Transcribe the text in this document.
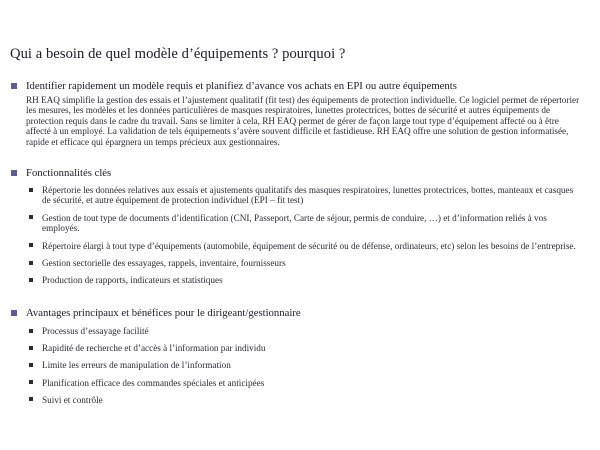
Qui a besoin de quel modèle d’équipements ? pourquoi ?
Identifier rapidement un modèle requis et planifiez d’avance vos achats en EPI ou autre équipements

RH EAQ simplifie la gestion des essais et l’ajustement qualitatif (fit test) des équipements de protection individuelle. Ce logiciel permet de répertorier les mesures, les modèles et les données particulières de masques respiratoires, lunettes protectrices, bottes de sécurité et autres équipements de protection requis dans le cadre du travail. Sans se limiter à cela, RH EAQ permet de gérer de façon large tout type d’équipement affecté ou à être affecté à un employé. La validation de tels équipements s’avère souvent difficile et fastidieuse. RH EAQ offre une solution de gestion informatisée, rapide et efficace qui épargnera un temps précieux aux gestionnaires.

Fonctionnalités clés
Répertorie les données relatives aux essais et ajustements qualitatifs des masques respiratoires, lunettes protectrices, bottes, manteaux et casques de sécurité, et autre équipement de protection individuel (EPI – fit test)
Gestion de tout type de documents d’identification (CNI, Passeport, Carte de séjour, permis de conduire, …) et d’information reliés à vos employés.
Répertoire élargi à tout type d’équipements (automobile, équipement de sécurité ou de défense, ordinateurs, etc) selon les besoins de l’entreprise.
Gestion sectorielle des essayages, rappels, inventaire, fournisseurs
Production de rapports, indicateurs et statistiques
Avantages principaux et bénéfices pour le dirigeant/gestionnaire
Processus d’essayage facilité
Rapidité de recherche et d’accès à l’information par individu
Limite les erreurs de manipulation de l’information
Planification efficace des commandes spéciales et anticipées
Suivi et contrôle
